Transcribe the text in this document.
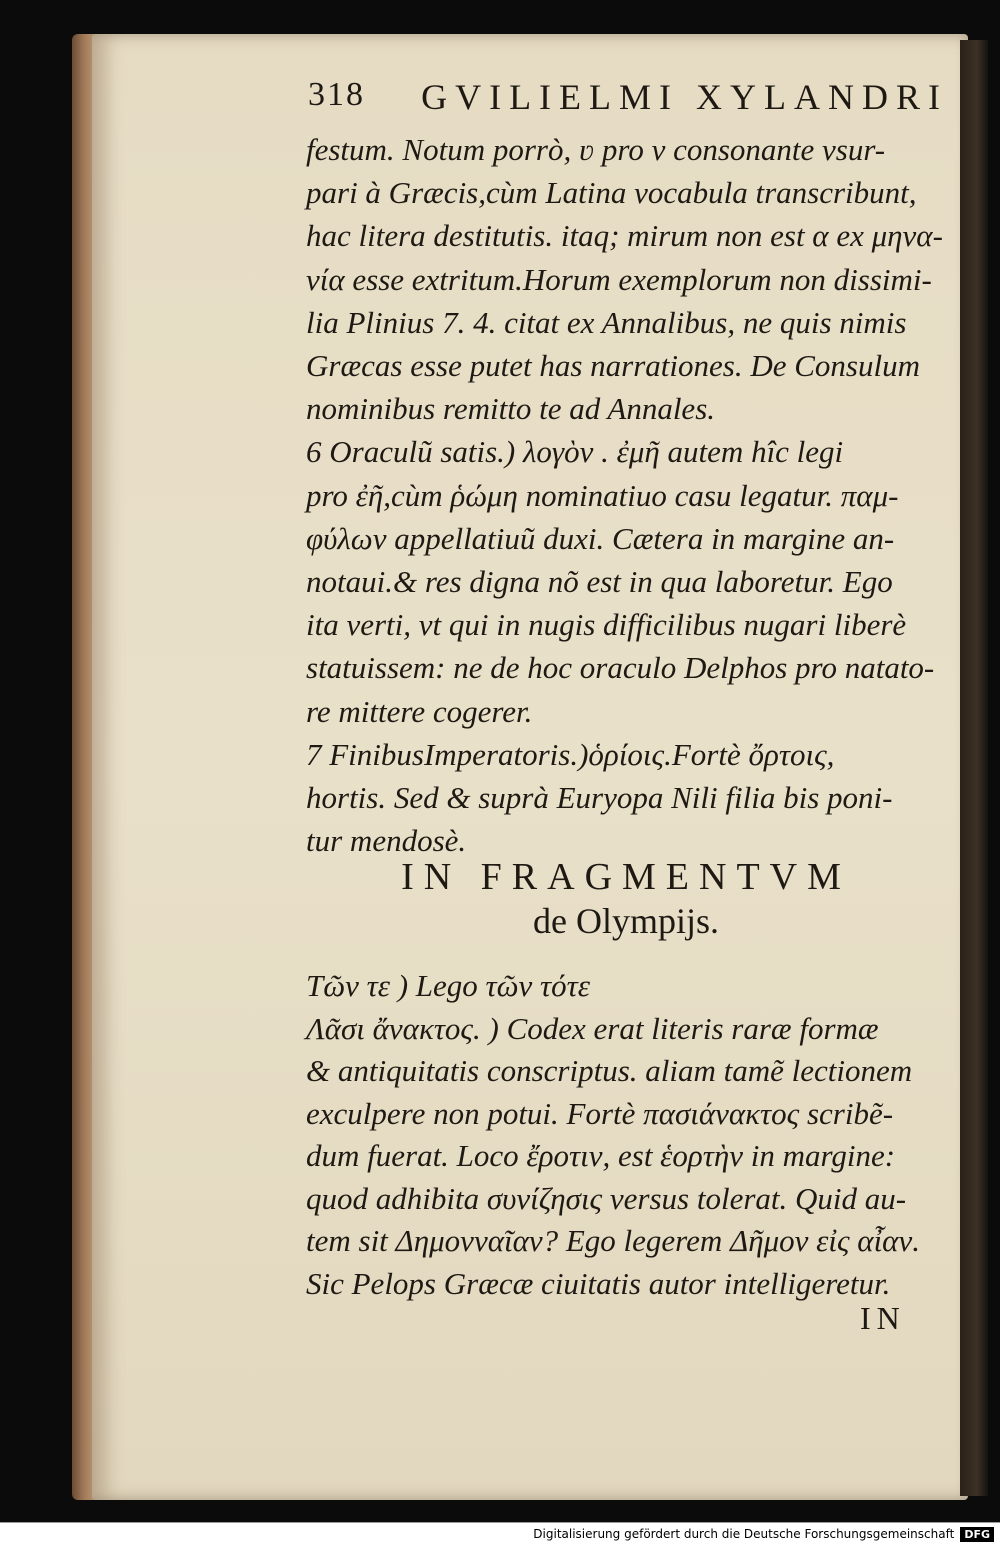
318 GVILIELMI XYLANDRI
festum. Notum porrò, ʋ pro v consonante vsur-
pari à Græcis,cùm Latina vocabula transcribunt,
hac litera destitutis. itaq; mirum non est α ex μηνα-
νία esse extritum.Horum exemplorum non dissimi-
lia Plinius 7. 4. citat ex Annalibus, ne quis nimis
Græcas esse putet has narrationes. De Consulum
nominibus remitto te ad Annales.
6 Oraculũ satis.) λογὸν . ἐμῆ autem hîc legi
pro ἐῆ,cùm ῥώμη nominatiuo casu legatur. παμ-
φύλων appellatiuũ duxi. Cætera in margine an-
notaui.& res digna nõ est in qua laboretur. Ego
ita verti, vt qui in nugis difficilibus nugari liberè
statuissem: ne de hoc oraculo Delphos pro natato-
re mittere cogerer.
7 FinibusImperatoris.)ὁρίοις.Fortè ὄρτοις,
hortis. Sed & suprà Euryopa Nili filia bis poni-
tur mendosè.
IN FRAGMENTVM
de Olympijs.
Τῶν τε ) Lego τῶν τότε
Λᾶσι ἄνακτος. ) Codex erat literis raræ formæ
& antiquitatis conscriptus. aliam tamẽ lectionem
exculpere non potui. Fortè πασιάνακτος scribẽ-
dum fuerat. Loco ἔροτιν, est ἑορτὴν in margine:
quod adhibita συνίζησις versus tolerat. Quid au-
tem sit Δημονναῖαν? Ego legerem Δῆμον εἰς αἶαν.
Sic Pelops Græcæ ciuitatis autor intelligeretur.
IN
Digitalisierung gefördert durch die Deutsche Forschungsgemeinschaft DFG
